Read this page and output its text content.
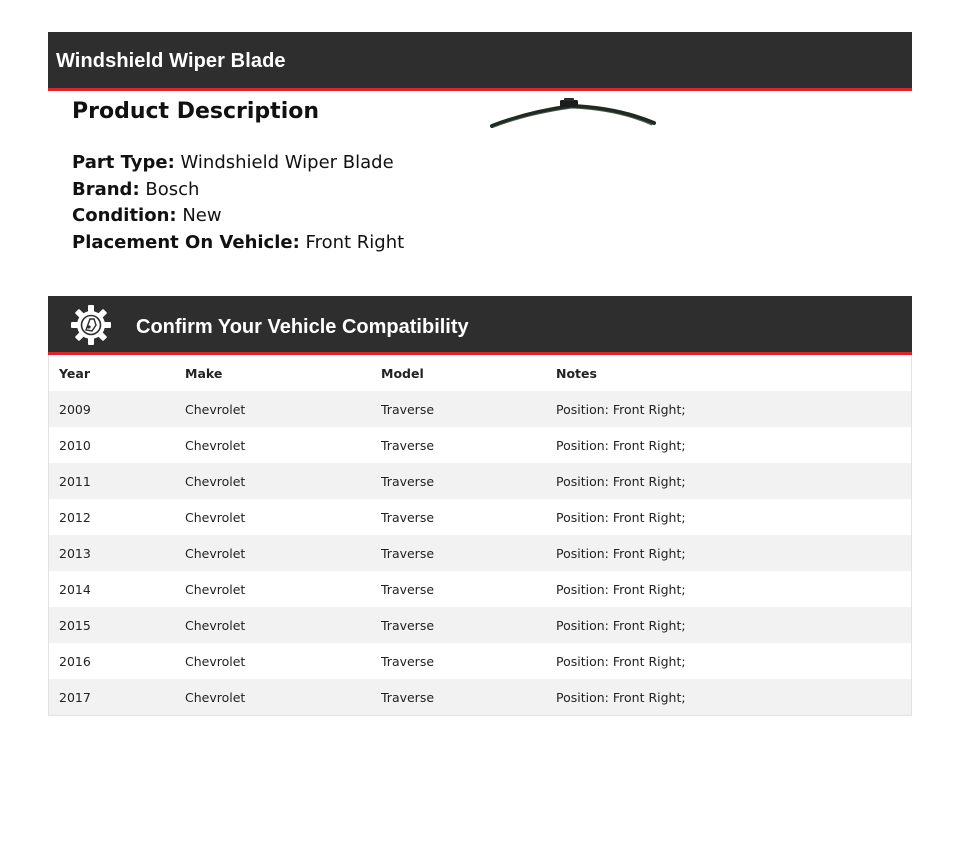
Windshield Wiper Blade
Product Description
Part Type: Windshield Wiper Blade
Brand: Bosch
Condition: New
Placement On Vehicle: Front Right
Confirm Your Vehicle Compatibility
Year	Make	Model	Notes
2009	Chevrolet	Traverse	Position: Front Right;
2010	Chevrolet	Traverse	Position: Front Right;
2011	Chevrolet	Traverse	Position: Front Right;
2012	Chevrolet	Traverse	Position: Front Right;
2013	Chevrolet	Traverse	Position: Front Right;
2014	Chevrolet	Traverse	Position: Front Right;
2015	Chevrolet	Traverse	Position: Front Right;
2016	Chevrolet	Traverse	Position: Front Right;
2017	Chevrolet	Traverse	Position: Front Right;
